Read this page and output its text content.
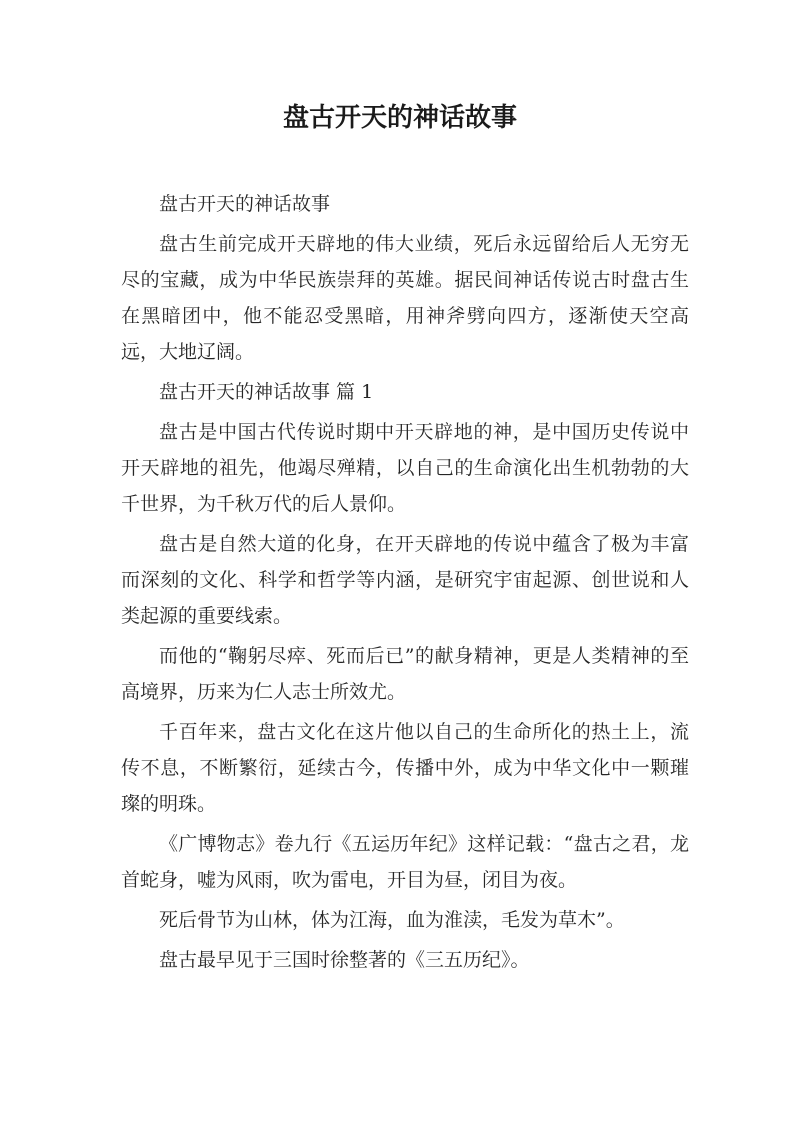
盘古开天的神话故事

盘古开天的神话故事

盘古生前完成开天辟地的伟大业绩，死后永远留给后人无穷无尽的宝藏，成为中华民族崇拜的英雄。据民间神话传说古时盘古生在黑暗团中，他不能忍受黑暗，用神斧劈向四方，逐渐使天空高远，大地辽阔。

盘古开天的神话故事 篇 1

盘古是中国古代传说时期中开天辟地的神，是中国历史传说中开天辟地的祖先，他竭尽殚精，以自己的生命演化出生机勃勃的大千世界，为千秋万代的后人景仰。

盘古是自然大道的化身，在开天辟地的传说中蕴含了极为丰富而深刻的文化、科学和哲学等内涵，是研究宇宙起源、创世说和人类起源的重要线索。

而他的“鞠躬尽瘁、死而后已”的献身精神，更是人类精神的至高境界，历来为仁人志士所效尤。

千百年来，盘古文化在这片他以自己的生命所化的热土上，流传不息，不断繁衍，延续古今，传播中外，成为中华文化中一颗璀璨的明珠。

《广博物志》卷九行《五运历年纪》这样记载：“盘古之君，龙首蛇身，嘘为风雨，吹为雷电，开目为昼，闭目为夜。

死后骨节为山林，体为江海，血为淮渎，毛发为草木”。

盘古最早见于三国时徐整著的《三五历纪》。
